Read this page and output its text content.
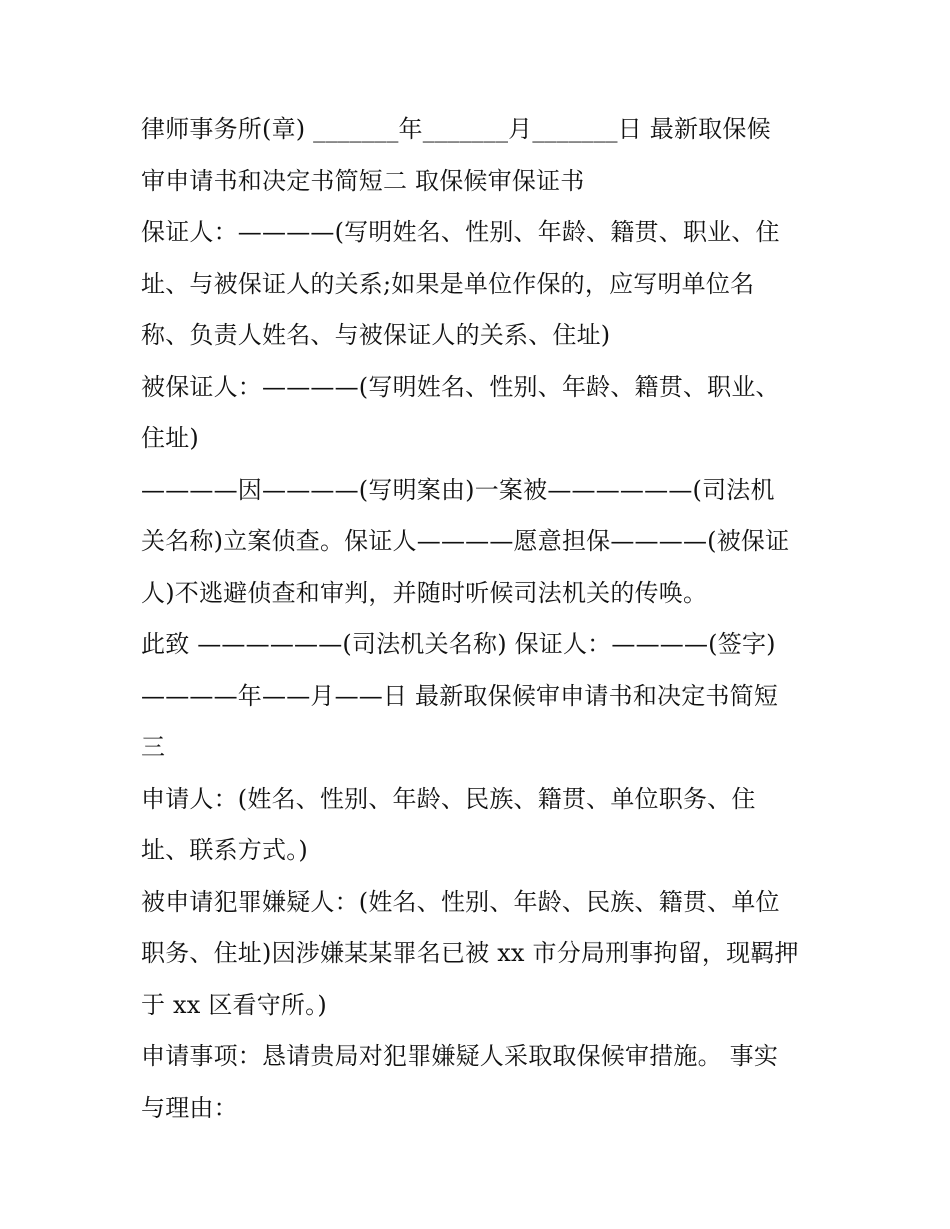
律师事务所(章) _______年_______月_______日 最新取保候
审申请书和决定书简短二 取保候审保证书
保证人：————(写明姓名、性别、年龄、籍贯、职业、住
址、与被保证人的关系;如果是单位作保的，应写明单位名
称、负责人姓名、与被保证人的关系、住址)
被保证人：————(写明姓名、性别、年龄、籍贯、职业、
住址)
————因————(写明案由)一案被——————(司法机
关名称)立案侦查。保证人————愿意担保————(被保证
人)不逃避侦查和审判，并随时听候司法机关的传唤。
此致 ——————(司法机关名称) 保证人：————(签字)
————年——月——日 最新取保候审申请书和决定书简短
三
申请人：(姓名、性别、年龄、民族、籍贯、单位职务、住
址、联系方式。)
被申请犯罪嫌疑人：(姓名、性别、年龄、民族、籍贯、单位
职务、住址)因涉嫌某某罪名已被 xx 市分局刑事拘留，现羁押
于 xx 区看守所。)
申请事项：恳请贵局对犯罪嫌疑人采取取保候审措施。 事实
与理由：
